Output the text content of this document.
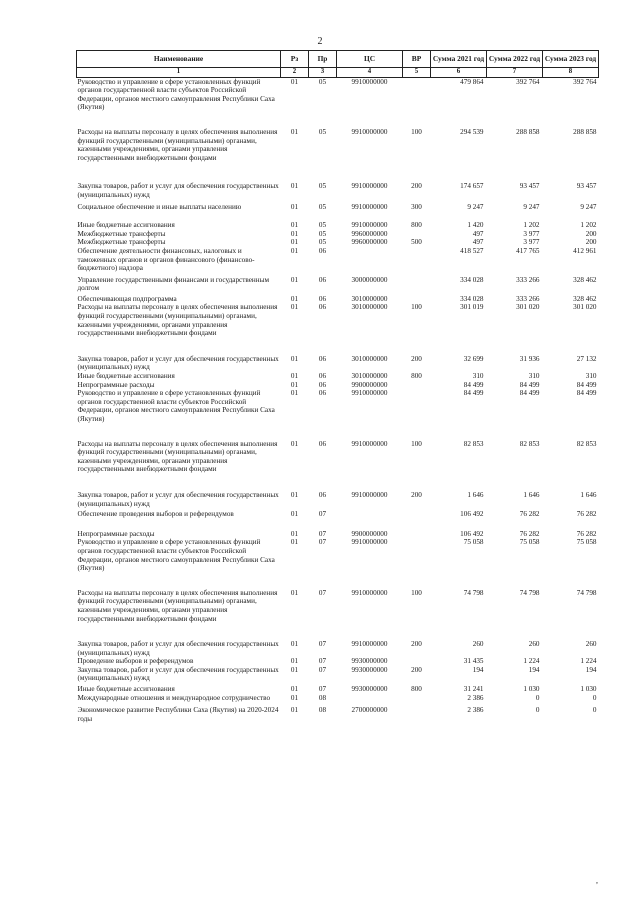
2
Наименование	Рз	Пр	ЦС	ВР	Сумма 2021 год	Сумма 2022 год	Сумма 2023 год
1	2	3	4	5	6	7	8
Руководство и управление в сфере установленных функций органов государственной власти субъектов Российской Федерации, органов местного самоуправления Республики Саха (Якутия)	01	05	9910000000		479 864	392 764	392 764
Расходы на выплаты персоналу в целях обеспечения выполнения функций государственными (муниципальными) органами, казенными учреждениями, органами управления государственными внебюджетными фондами	01	05	9910000000	100	294 539	288 858	288 858
Закупка товаров, работ и услуг для обеспечения государственных (муниципальных) нужд	01	05	9910000000	200	174 657	93 457	93 457
Социальное обеспечение и иные выплаты населению	01	05	9910000000	300	9 247	9 247	9 247
Иные бюджетные ассигнования	01	05	9910000000	800	1 420	1 202	1 202
Межбюджетные трансферты	01	05	9960000000		497	3 977	200
Межбюджетные трансферты	01	05	9960000000	500	497	3 977	200
Обеспечение деятельности финансовых, налоговых и таможенных органов и органов финансового (финансово-бюджетного) надзора	01	06			418 527	417 765	412 961
Управление государственными финансами и государственным долгом	01	06	3000000000		334 028	333 266	328 462
Обеспечивающая подпрограмма	01	06	3010000000		334 028	333 266	328 462
Расходы на выплаты персоналу в целях обеспечения выполнения функций государственными (муниципальными) органами, казенными учреждениями, органами управления государственными внебюджетными фондами	01	06	3010000000	100	301 019	301 020	301 020
Закупка товаров, работ и услуг для обеспечения государственных (муниципальных) нужд	01	06	3010000000	200	32 699	31 936	27 132
Иные бюджетные ассигнования	01	06	3010000000	800	310	310	310
Непрограммные расходы	01	06	9900000000		84 499	84 499	84 499
Руководство и управление в сфере установленных функций органов государственной власти субъектов Российской Федерации, органов местного самоуправления Республики Саха (Якутия)	01	06	9910000000		84 499	84 499	84 499
Расходы на выплаты персоналу в целях обеспечения выполнения функций государственными (муниципальными) органами, казенными учреждениями, органами управления государственными внебюджетными фондами	01	06	9910000000	100	82 853	82 853	82 853
Закупка товаров, работ и услуг для обеспечения государственных (муниципальных) нужд	01	06	9910000000	200	1 646	1 646	1 646
Обеспечение проведения выборов и референдумов	01	07			106 492	76 282	76 282
Непрограммные расходы	01	07	9900000000		106 492	76 282	76 282
Руководство и управление в сфере установленных функций органов государственной власти субъектов Российской Федерации, органов местного самоуправления Республики Саха (Якутия)	01	07	9910000000		75 058	75 058	75 058
Расходы на выплаты персоналу в целях обеспечения выполнения функций государственными (муниципальными) органами, казенными учреждениями, органами управления государственными внебюджетными фондами	01	07	9910000000	100	74 798	74 798	74 798
Закупка товаров, работ и услуг для обеспечения государственных (муниципальных) нужд	01	07	9910000000	200	260	260	260
Проведение выборов и референдумов	01	07	9930000000		31 435	1 224	1 224
Закупка товаров, работ и услуг для обеспечения государственных (муниципальных) нужд	01	07	9930000000	200	194	194	194
Иные бюджетные ассигнования	01	07	9930000000	800	31 241	1 030	1 030
Международные отношения и международное сотрудничество	01	08			2 386	0	0
Экономическое развитие Республики Саха (Якутия) на 2020-2024 годы	01	08	2700000000		2 386	0	0
,
